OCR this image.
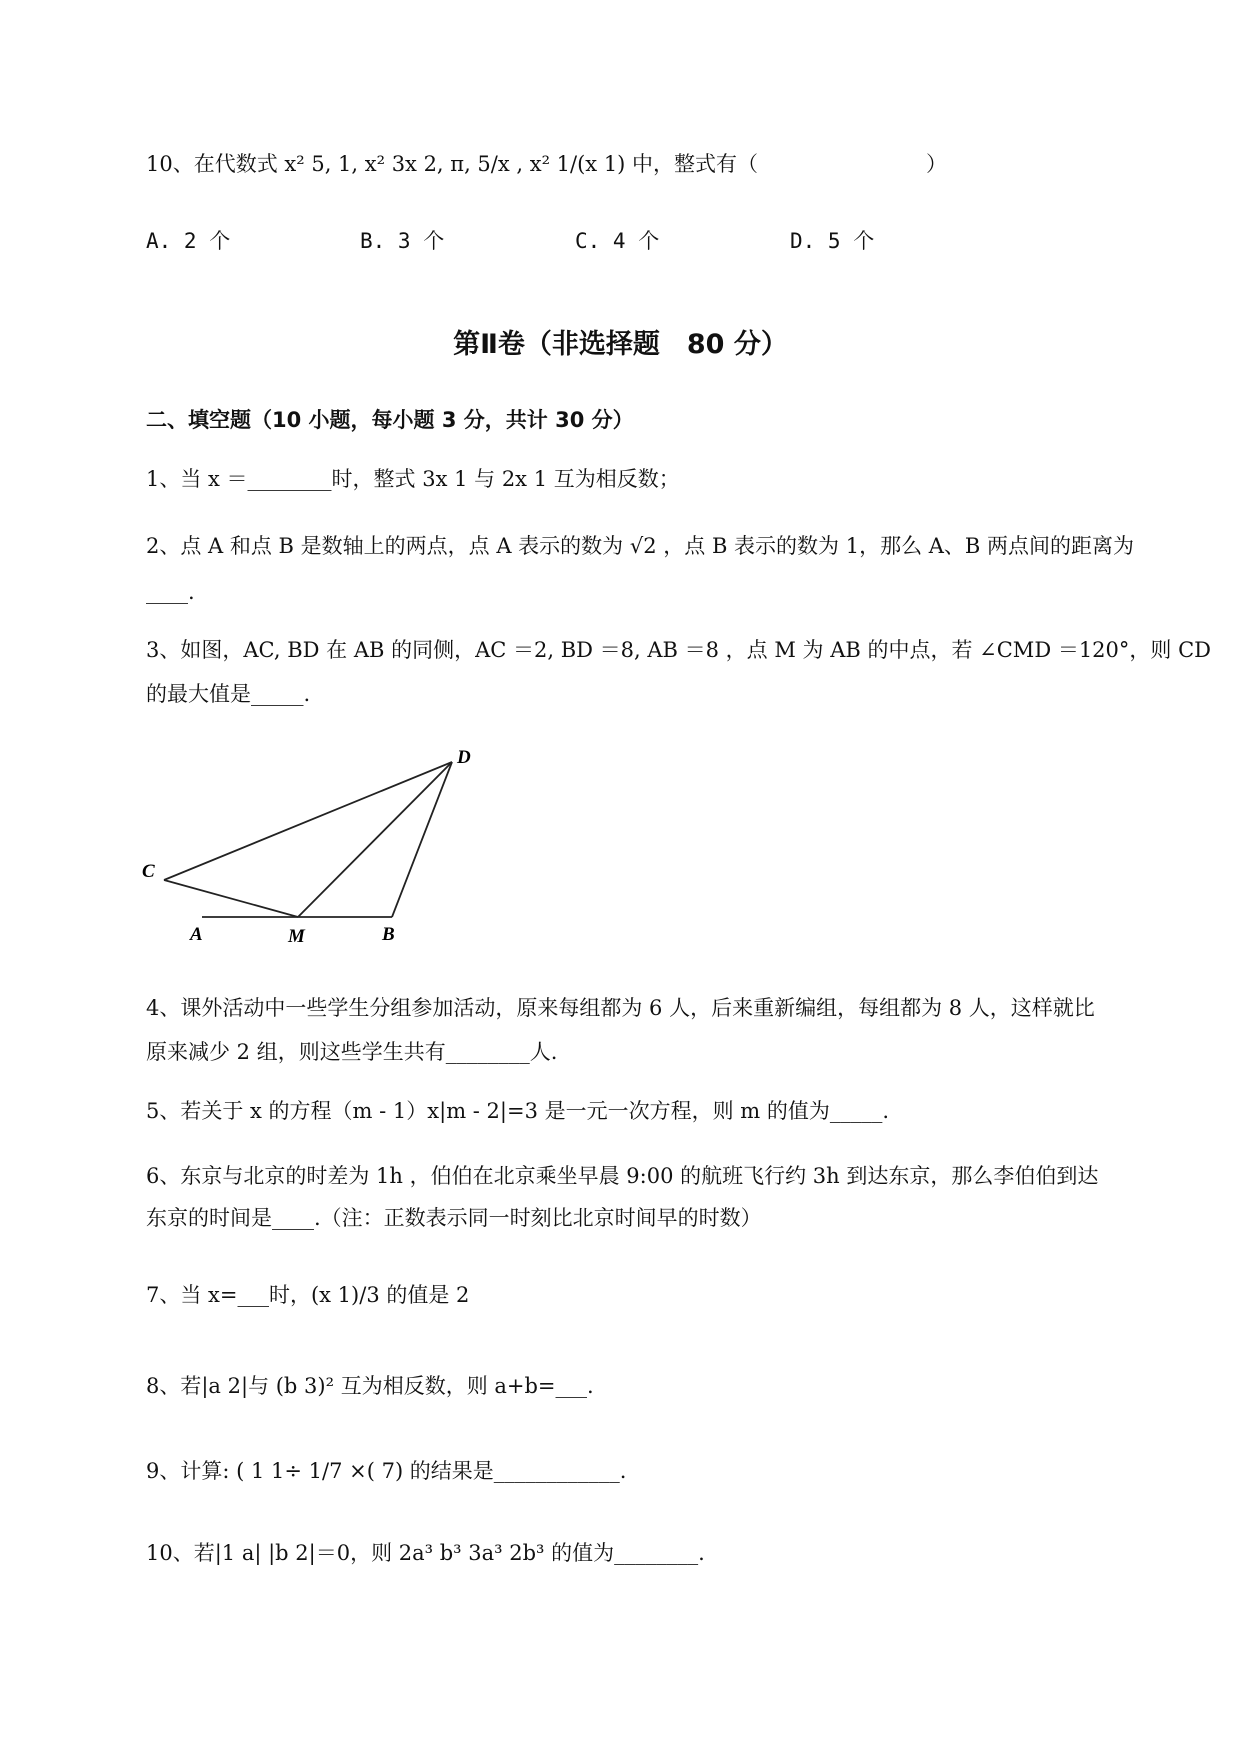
10、在代数式 x² 5, 1, x² 3x 2, π, 5/x , x² 1/(x 1) 中，整式有（　　　　　　　　）
A. 2 个	B. 3 个	C. 4 个	D. 5 个
第Ⅱ卷（非选择题　80 分）
二、填空题（10 小题，每小题 3 分，共计 30 分）
1、当 x ＝________时，整式 3x 1 与 2x 1 互为相反数；
2、点 A 和点 B 是数轴上的两点，点 A 表示的数为 √2 ，点 B 表示的数为 1，那么 A、B 两点间的距离为
____.
3、如图，AC, BD 在 AB 的同侧，AC ＝2, BD ＝8, AB ＝8 ，点 M 为 AB 的中点，若 ∠CMD ＝120°，则 CD
的最大值是_____.
C
D
A	M	B
4、课外活动中一些学生分组参加活动，原来每组都为 6 人，后来重新编组，每组都为 8 人，这样就比
原来减少 2 组，则这些学生共有________人.
5、若关于 x 的方程（m - 1）x|m - 2|=3 是一元一次方程，则 m 的值为_____.
6、东京与北京的时差为 1h ，伯伯在北京乘坐早晨 9:00 的航班飞行约 3h 到达东京，那么李伯伯到达
东京的时间是____.（注：正数表示同一时刻比北京时间早的时数）
7、当 x=___时，(x 1)/3 的值是 2
8、若|a 2|与 (b 3)² 互为相反数，则 a+b=___.
9、计算: ( 1 1÷ 1/7 ×( 7) 的结果是____________.
10、若|1 a| |b 2|＝0，则 2a³ b³ 3a³ 2b³ 的值为________.
